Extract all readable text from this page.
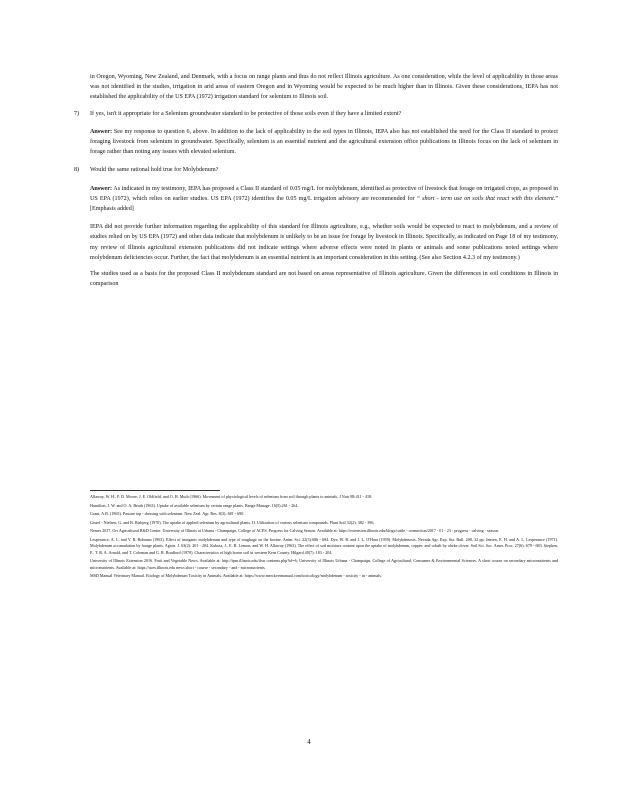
in Oregon, Wyoming, New Zealand, and Denmark, with a focus on range plants and thus do not reflect Illinois agriculture. As one consideration, while the level of applicability in those areas was not identified in the studies, irrigation in arid areas of eastern Oregon and in Wyoming would be expected to be much higher than in Illinois. Given these considerations, IEPA has not established the applicability of the US EPA (1972) irrigation standard for selenium to Illinois soil.

7)	If yes, isn't it appropriate for a Selenium groundwater standard to be protective of those soils even if they have a limited extent?

Answer: See my response to question 6, above. In addition to the lack of applicability to the soil types in Illinois, IEPA also has not established the need for the Class II standard to protect foraging livestock from selenium in groundwater. Specifically, selenium is an essential nutrient and the agricultural extension office publications in Illinois focus on the lack of selenium in forage rather than noting any issues with elevated selenium.

8)	Would the same rational hold true for Molybdenum?

Answer: As indicated in my testimony, IEPA has proposed a Class II standard of 0.05 mg/L for molybdenum, identified as protective of livestock that forage on irrigated crops, as proposed in US EPA (1972), which relies on earlier studies. US EPA (1972) identifies the 0.05 mg/L irrigation advisory are recommended for “ short - term use on soils that react with this element.” [Emphasis added]

IEPA did not provide further information regarding the applicability of this standard for Illinois agriculture, e.g., whether soils would be expected to react to molybdenum, and a review of studies relied on by US EPA (1972) and other data indicate that molybdenum is unlikely to be an issue for forage by livestock in Illinois. Specifically, as indicated on Page 18 of my testimony, my review of Illinois agricultural extension publications did not indicate settings where adverse effects were noted in plants or animals and some publications noted settings where molybdenum deficiencies occur. Further, the fact that molybdenum is an essential nutrient is an important consideration in this setting. (See also Section 4.2.3 of my testimony.)

The studies used as a basis for the proposed Class II molybdenum standard are not based on areas representative of Illinois agriculture. Given the differences in soil conditions in Illinois in comparison

Allaway, W. H., P. D. Moore, J. E. Oldfield, and O. H. Muth (1966). Movement of physiological levels of selenium from soil through plants to animals. J Nutr 88:411 - 418.

Hamilton, J. W. and O. A. Beath (1963). Uptake of available selenium by certain range plants. Range Manage. 16(5):261 - 264.

Grant, A.B. (1965). Pasture top - dressing with selenium. New Zeal. Agr. Res. 8(3): 681 - 690.

Gissel - Nielsen, G. and B. Bisbjerg (1970). The uptake of applied selenium by agricultural plants. II. Utilization of various selenium compounds. Plant Soil 32(2): 382 - 396.

Nemer 2017. Orr Agricultural R&D Center. University of Illinois at Urbana - Champaign, College of ACES. Progress for Calving Season. Available at: https://extension.illinois.edu/blogs/cattle - connection/2017 - 01 - 23 - progress - calving - season.

Lesperance, A. L. and V. R. Bohman (1963). Effect of inorganic molybdenum and type of roughage on the bovine. Anim. Sci. 22(3):686 - 694. Dye, W. B. and J. L. O'Hara (1959). Molybdenosis. Nevada Agr. Exp. Sta. Bull. 208, 32 pp. Jensen, E. H. and A. L. Lesperance (1971). Molybdenum accumulation by forage plants. Agron. J. 63(2): 201 - 204. Kubota, J., E. R. Lemon, and W. H. Allaway (1963). The effect of soil moisture content upon the uptake of molybdenum, copper, and cobalt by alsike clover. Soil Sci. Soc. Amer. Proc. 27(6): 679 - 683. Stephen, F., T. R. A. Arnold, and T. Coleman and G. R. Bradford (1970). Characteristics of high boron soil in western Kern County. Hilgard 40(7): 183 - 204.

University of Illinois Extension 2016. Fruit and Vegetable News. Available at: http://ipm.illinois.edu/ifvn contents.php?id=6; University of Illinois Urbana - Champaign, College of Agricultural, Consumer & Environmental Sciences. A short course on secondary micronutrients and micronutrients. Available at: https://aces.illinois.edu news.short - course - secondary - and - micronutrients.

MSD Manual Veterinary Manual. Etiology of Molybdenum Toxicity in Animals. Available at: https://www.merckvetmanual.com/toxicology/molybdenum - toxicity - in - animals.

4
